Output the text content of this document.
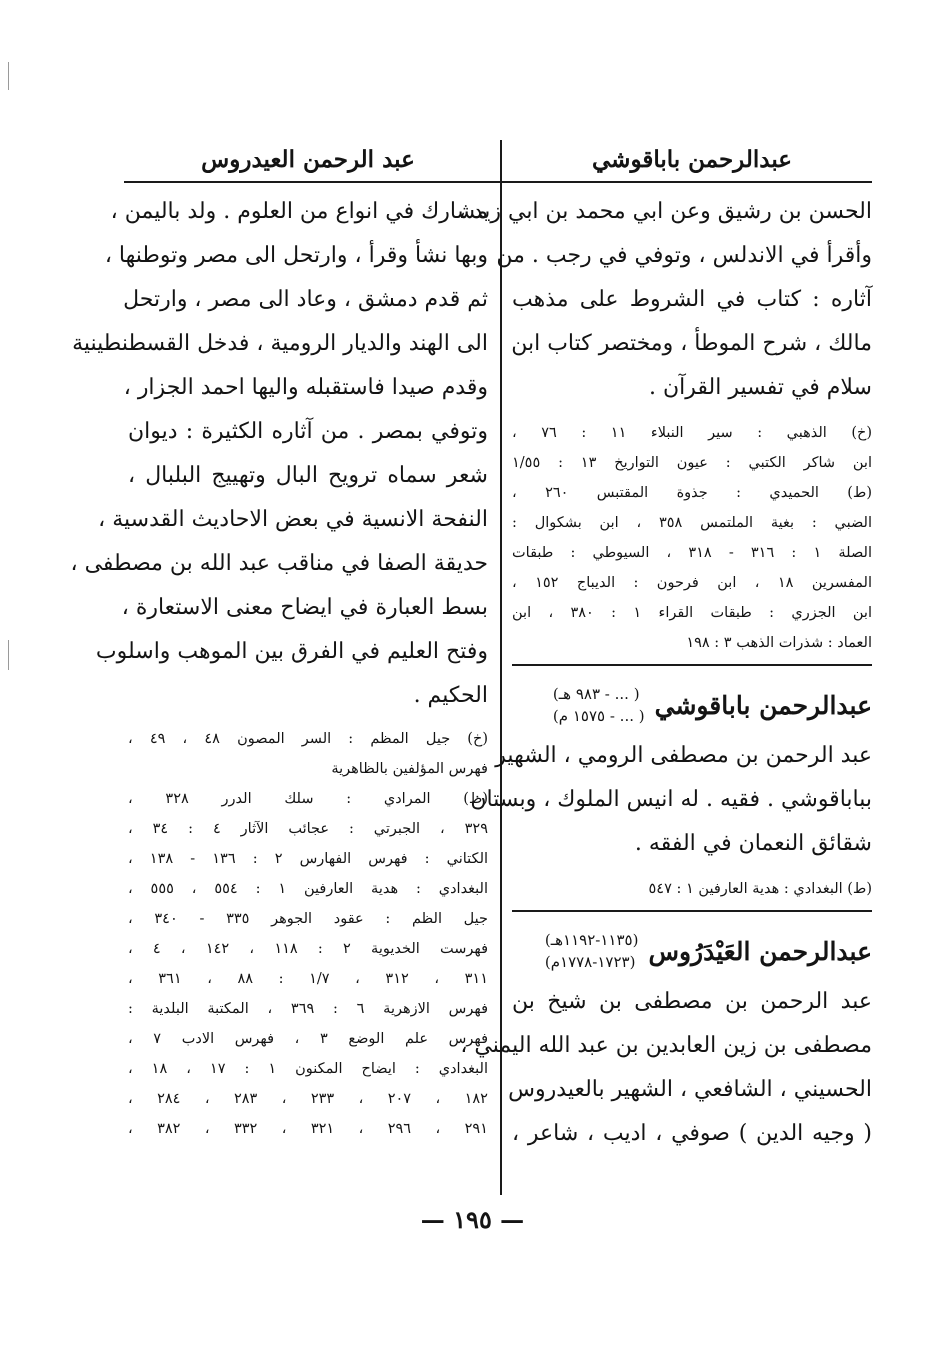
عبدالرحمن باباقوشي
الحسن بن رشيق وعن ابي محمد بن ابي زيد ،
وأقرأ في الاندلس ، وتوفي في رجب . من
آثاره : كتاب في الشروط على مذهب
مالك ، شرح الموطأ ، ومختصر كتاب ابن
سلام في تفسير القرآن .
(خ) الذهبي : سير النبلاء ١١ : ٧٦ ،
ابن شاكر الكتبي : عيون التواريخ ١٣ : ١/٥٥
(ط) الحميدي : جذوة المقتبس ٢٦٠ ،
الضبي : بغية الملتمس ٣٥٨ ، ابن بشكوال :
الصلة ١ : ٣١٦ - ٣١٨ ، السيوطي : طبقات
المفسرين ١٨ ، ابن فرحون : الديباج ١٥٢ ،
ابن الجزري : طبقات القراء ١ : ٣٨٠ ، ابن
العماد : شذرات الذهب ٣ : ١٩٨
عبدالرحمن باباقوشي
( ... - ٩٨٣ هـ)
( ... - ١٥٧٥ م)
عبد الرحمن بن مصطفى الرومي ، الشهير
بباباقوشي . فقيه . له انيس الملوك ، وبستان
شقائق النعمان في الفقه .
(ط) البغدادي : هدية العارفين ١ : ٥٤٧
عبدالرحمن العَيْدَرُوس
(١١٣٥-١١٩٢هـ)
(١٧٢٣-١٧٧٨م)
عبد الرحمن بن مصطفى بن شيخ بن
مصطفى بن زين العابدين بن عبد الله اليمني ،
الحسيني ، الشافعي ، الشهير بالعيدروس
( وجيه الدين ) صوفي ، اديب ، شاعر ،
عبد الرحمن العيدروس
مشارك في انواع من العلوم . ولد باليمن ،
وبها نشأ وقرأ ، وارتحل الى مصر وتوطنها ،
ثم قدم دمشق ، وعاد الى مصر ، وارتحل
الى الهند والديار الرومية ، فدخل القسطنطينية
وقدم صيدا فاستقبله واليها احمد الجزار ،
وتوفي بمصر . من آثاره الكثيرة : ديوان
شعر سماه ترويح البال وتهييج البلبال ،
النفحة الانسية في بعض الاحاديث القدسية ،
حديقة الصفا في مناقب عبد الله بن مصطفى ،
بسط العبارة في ايضاح معنى الاستعارة ،
وفتح العليم في الفرق بين الموهب واسلوب
الحكيم .
(خ) جيل المظم : السر المصون ٤٨ ، ٤٩ ،
فهرس المؤلفين بالظاهرية
(ط) المرادي : سلك الدرر ٣٢٨ ،
٣٢٩ ، الجبرتي : عجائب الآثار ٤ : ٣٤ ،
الكتاني : فهرس الفهارس ٢ : ١٣٦ - ١٣٨ ،
البغدادي : هدية العارفين ١ : ٥٥٤ ، ٥٥٥ ،
جيل الظم : عقود الجوهر ٣٣٥ - ٣٤٠ ،
فهرست الخديوية ٢ : ١١٨ ، ١٤٢ ، ٤ ،
٣١١ ، ٣١٢ ، ١/٧ : ٨٨ ، ٣٦١ ،
فهرس الازهرية ٦ : ٣٦٩ ، المكتبة البلدية :
فهرس علم الوضع ٣ ، فهرس الادب ٧ ،
البغدادي : ايضاح المكنون ١ : ١٧ ، ١٨ ،
١٨٢ ، ٢٠٧ ، ٢٣٣ ، ٢٨٣ ، ٢٨٤ ،
٢٩١ ، ٢٩٦ ، ٣٢١ ، ٣٣٢ ، ٣٨٢ ،
— ١٩٥ —
